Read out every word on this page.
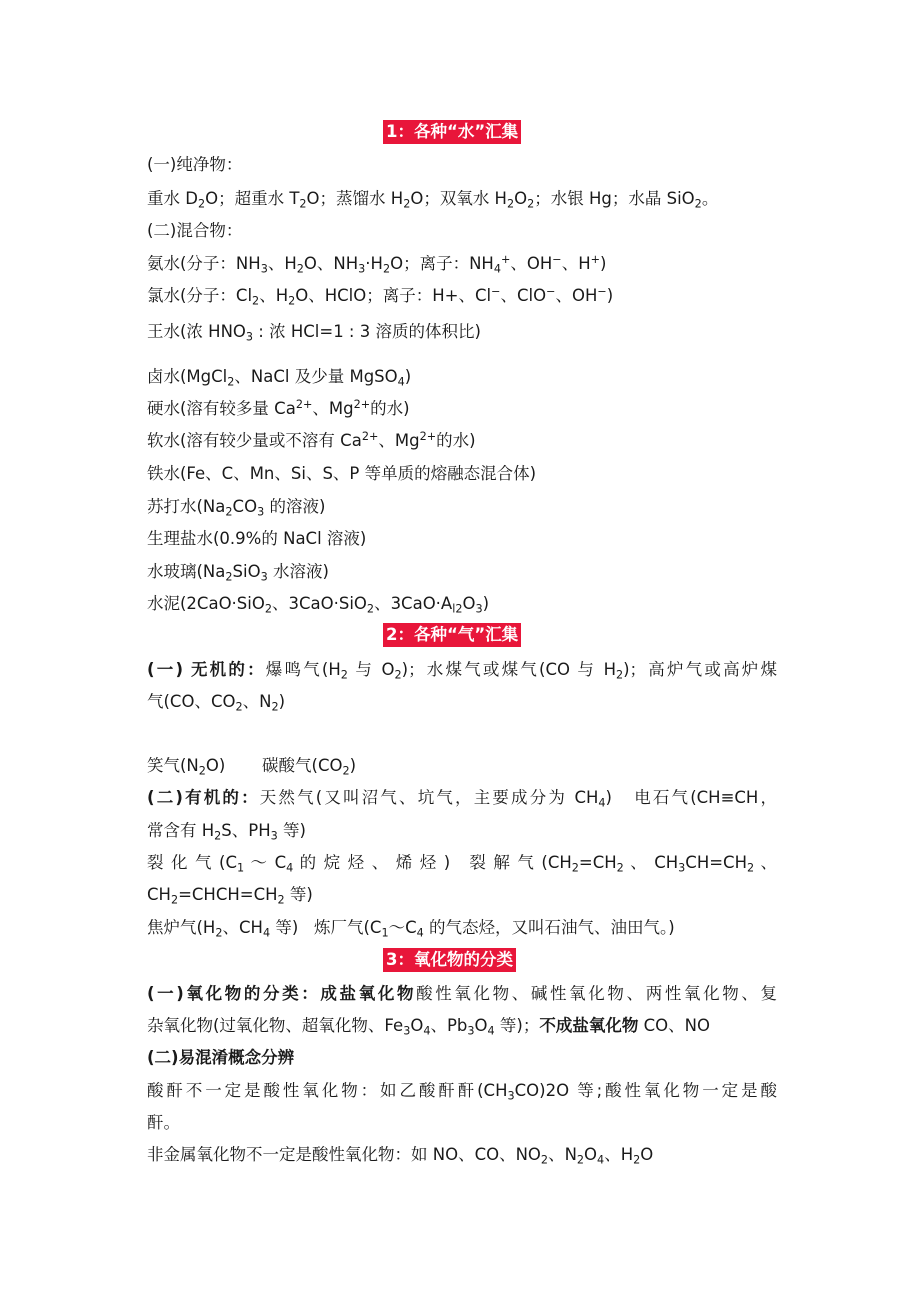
1：各种“水”汇集
(一)纯净物：
重水 $D_2O$；超重水 $T_2O$；蒸馏水 $H_2O$；双氧水 $H_2O_2$；水银 Hg；水晶 SiO$_2$。
(二)混合物：
氨水(分子：$NH_3$、$H_2O$、$NH_3\cdot H_2O$；离子：$NH_4^+$、OH−、H+)
氯水(分子：$Cl_2$、$H_2O$、HClO；离子：H+、Cl−、ClO−、OH−)
王水(浓 $HNO_3$ : 浓 HCl=1 : 3 溶质的体积比)
卤水(MgCl$_2$、NaCl 及少量 MgSO$_4$)
硬水(溶有较多量 $Ca^{2+}$、$Mg^{2+}$的水)
软水(溶有较少量或不溶有 $Ca^{2+}$、$Mg^{2+}$的水)
铁水(Fe、C、Mn、Si、S、P 等单质的熔融态混合体)
苏打水($Na_2CO_3$ 的溶液)
生理盐水(0.9%的 NaCl 溶液)
水玻璃($Na_2SiO_3$ 水溶液)
水泥(2CaO·SiO$_2$、3CaO·SiO$_2$、$3CaO\cdot A_{l2}O_3$)
2：各种“气”汇集
(一) 无机的：爆鸣气($H_2$ 与 $O_2$)；水煤气或煤气(CO 与 $H_2$)；高炉气或高炉煤
气(CO、$CO_2$、$N_2$)
笑气$(N_2O)$       碳酸气$(CO_2)$
(二)有机的：天然气(又叫沼气、坑气，主要成分为 $CH_4$)   电石气(CH≡CH，
常含有 $H_2S$、$PH_3$ 等)
裂 化 气 ($C_1$ ～ $C_4$ 的 烷 烃 、 烯 烃 )   裂 解 气 ($CH_2=CH_2$ 、 $CH_3CH=CH_2$ 、
$CH_2=CHCH=CH_2$ 等)
焦炉气($H_2$、$CH_4$ 等)   炼厂气($C_1\sim C_4$ 的气态烃，又叫石油气、油田气。)
3：氧化物的分类
(一)氧化物的分类：成盐氧化物酸性氧化物、碱性氧化物、两性氧化物、复
杂氧化物(过氧化物、超氧化物、$Fe_3O_4$、$Pb_3O_4$ 等)；不成盐氧化物 CO、NO
(二)易混淆概念分辨
酸酐不一定是酸性氧化物：如乙酸酐酐$(CH_3CO)2O$ 等;酸性氧化物一定是酸
酐。
非金属氧化物不一定是酸性氧化物：如 NO、CO、$NO_2$、$N_2O_4$、$H_2O$
